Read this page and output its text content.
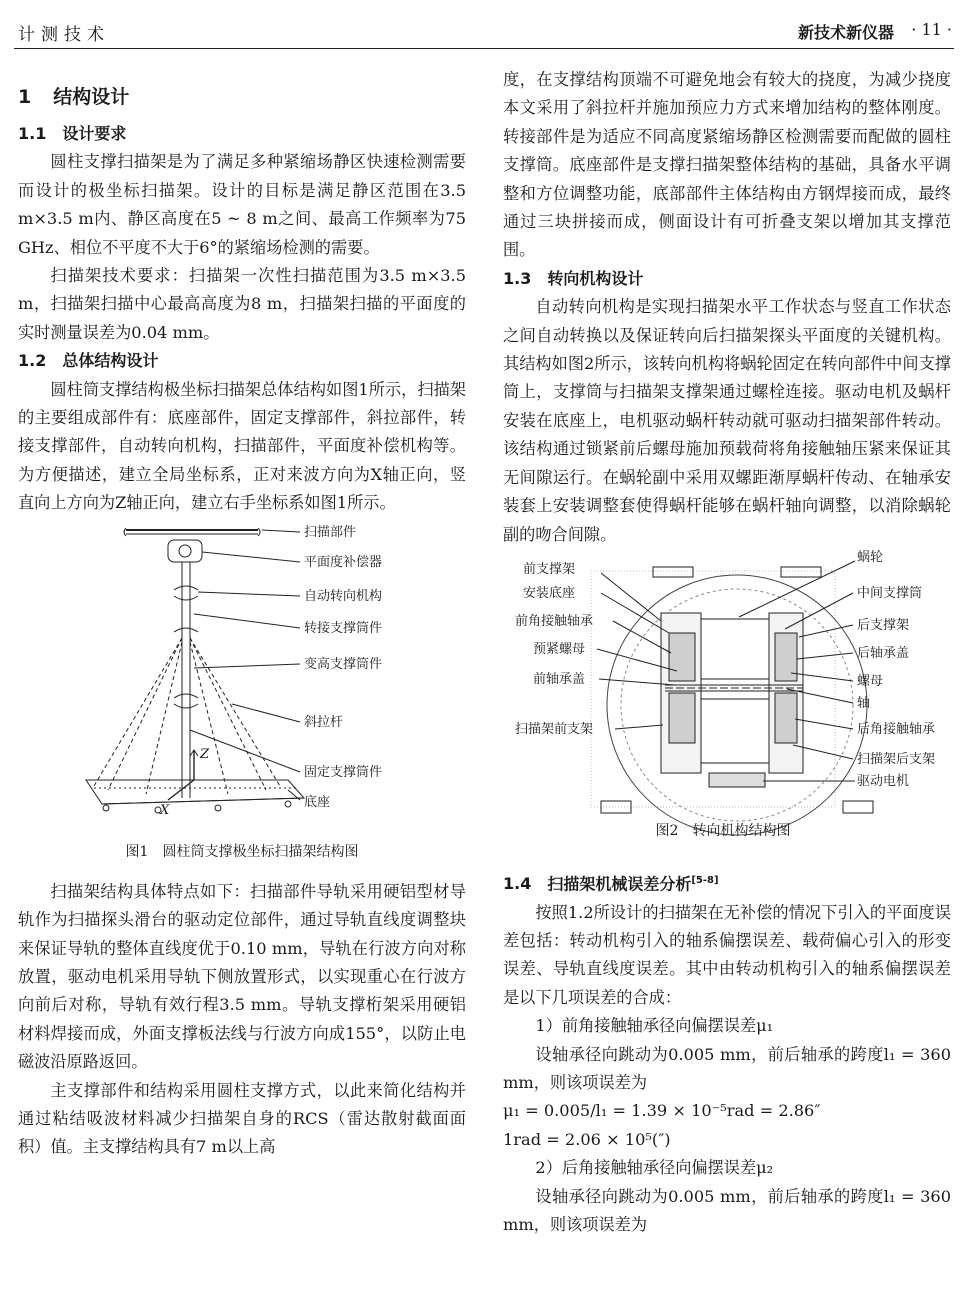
计测技术	新技术新仪器 · 11 ·
1 结构设计
1.1 设计要求

圆柱支撑扫描架是为了满足多种紧缩场静区快速检测需要而设计的极坐标扫描架。设计的目标是满足静区范围在3.5 m×3.5 m内、静区高度在5 ~ 8 m之间、最高工作频率为75 GHz、相位不平度不大于6°的紧缩场检测的需要。

扫描架技术要求：扫描架一次性扫描范围为3.5 m×3.5 m，扫描架扫描中心最高高度为8 m，扫描架扫描的平面度的实时测量误差为0.04 mm。

1.2 总体结构设计

圆柱筒支撑结构极坐标扫描架总体结构如图1所示，扫描架的主要组成部件有：底座部件，固定支撑部件，斜拉部件，转接支撑部件，自动转向机构，扫描部件，平面度补偿机构等。为方便描述，建立全局坐标系，正对来波方向为X轴正向，竖直向上方向为Z轴正向，建立右手坐标系如图1所示。

扫描部件
平面度补偿器
自动转向机构
转接支撑筒件
变高支撑筒件
斜拉杆
固定支撑筒件
底座
Z
X
图1　圆柱筒支撑极坐标扫描架结构图

扫描架结构具体特点如下：扫描部件导轨采用硬铝型材导轨作为扫描探头滑台的驱动定位部件，通过导轨直线度调整块来保证导轨的整体直线度优于0.10 mm，导轨在行波方向对称放置，驱动电机采用导轨下侧放置形式，以实现重心在行波方向前后对称，导轨有效行程3.5 mm。导轨支撑桁架采用硬铝材料焊接而成，外面支撑板法线与行波方向成155°，以防止电磁波沿原路返回。

主支撑部件和结构采用圆柱支撑方式，以此来简化结构并通过粘结吸波材料减少扫描架自身的RCS（雷达散射截面面积）值。主支撑结构具有7 m以上高

度，在支撑结构顶端不可避免地会有较大的挠度，为减少挠度本文采用了斜拉杆并施加预应力方式来增加结构的整体刚度。转接部件是为适应不同高度紧缩场静区检测需要而配做的圆柱支撑筒。底座部件是支撑扫描架整体结构的基础，具备水平调整和方位调整功能，底部部件主体结构由方钢焊接而成，最终通过三块拼接而成，侧面设计有可折叠支架以增加其支撑范围。

1.3 转向机构设计

自动转向机构是实现扫描架水平工作状态与竖直工作状态之间自动转换以及保证转向后扫描架探头平面度的关键机构。其结构如图2所示，该转向机构将蜗轮固定在转向部件中间支撑筒上，支撑筒与扫描架支撑架通过螺栓连接。驱动电机及蜗杆安装在底座上，电机驱动蜗杆转动就可驱动扫描架部件转动。该结构通过锁紧前后螺母施加预载荷将角接触轴压紧来保证其无间隙运行。在蜗轮副中采用双螺距渐厚蜗杆传动、在轴承安装套上安装调整套使得蜗杆能够在蜗杆轴向调整，以消除蜗轮副的吻合间隙。

前支撑架
安装底座
前角接触轴承
预紧螺母
前轴承盖
扫描架前支架
蜗轮
中间支撑筒
后支撑架
后轴承盖
螺母
轴
后角接触轴承
扫描架后支架
驱动电机
图2　转向机构结构图
1.4 扫描架机械误差分析[5-8]

按照1.2所设计的扫描架在无补偿的情况下引入的平面度误差包括：转动机构引入的轴系偏摆误差、载荷偏心引入的形变误差、导轨直线度误差。其中由转动机构引入的轴系偏摆误差是以下几项误差的合成：

1）前角接触轴承径向偏摆误差μ₁

设轴承径向跳动为0.005 mm，前后轴承的跨度l₁ = 360 mm，则该项误差为

μ₁ = 0.005/l₁ = 1.39 × 10⁻⁵rad = 2.86″

1rad = 2.06 × 10⁵(″)

2）后角接触轴承径向偏摆误差μ₂

设轴承径向跳动为0.005 mm，前后轴承的跨度l₁ = 360 mm，则该项误差为
